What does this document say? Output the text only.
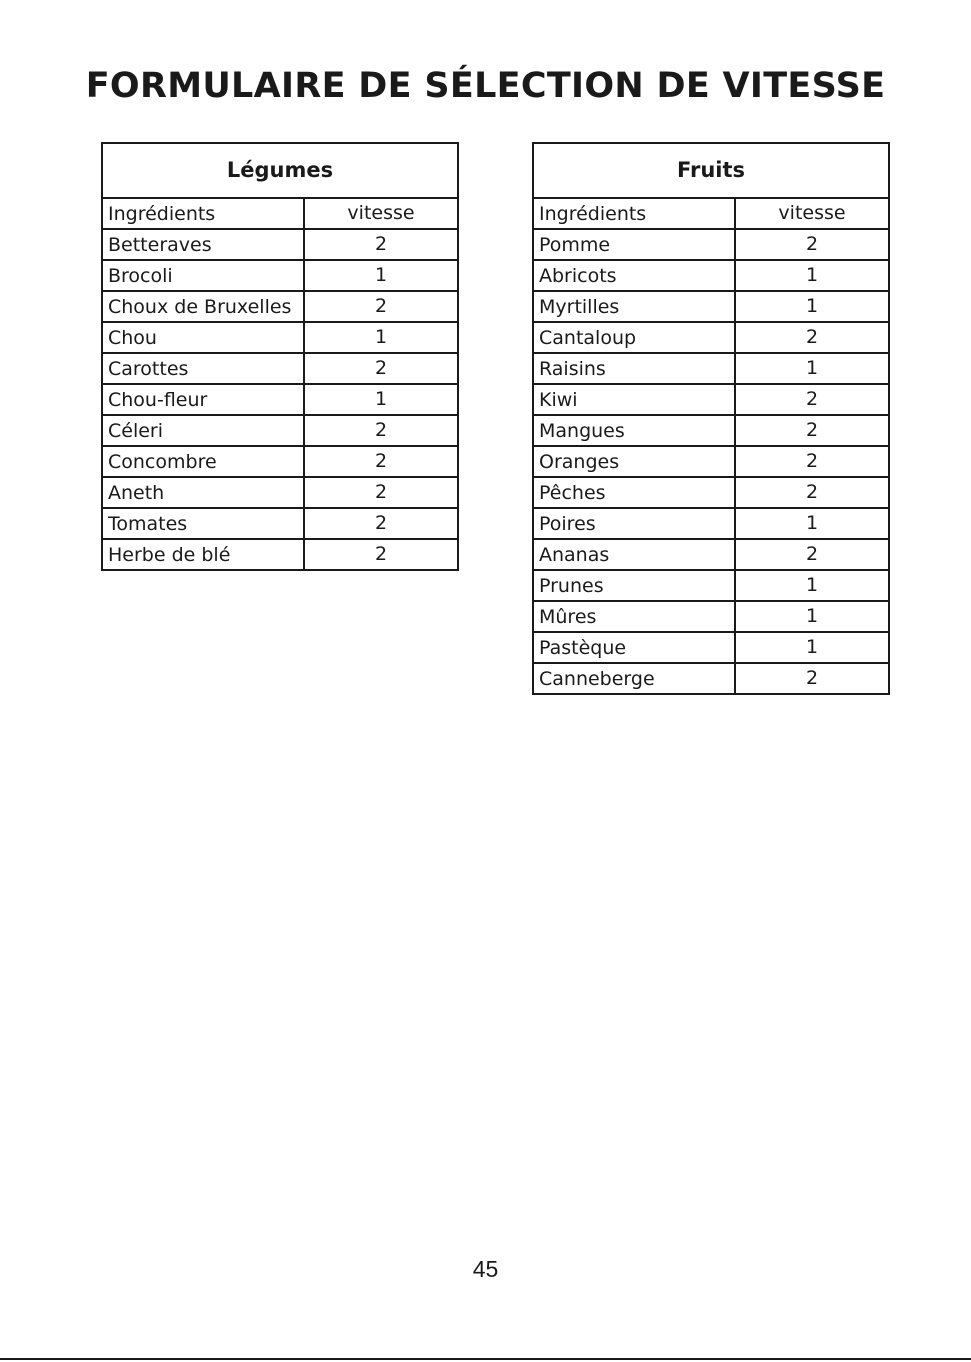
FORMULAIRE DE SÉLECTION DE VITESSE
Légumes	
Ingrédients	vitesse
Betteraves	2
Brocoli	1
Choux de Bruxelles	2
Chou	1
Carottes	2
Chou-fleur	1
Céleri	2
Concombre	2
Aneth	2
Tomates	2
Herbe de blé	2
Fruits	
Ingrédients	vitesse
Pomme	2
Abricots	1
Myrtilles	1
Cantaloup	2
Raisins	1
Kiwi	2
Mangues	2
Oranges	2
Pêches	2
Poires	1
Ananas	2
Prunes	1
Mûres	1
Pastèque	1
Canneberge	2
45
